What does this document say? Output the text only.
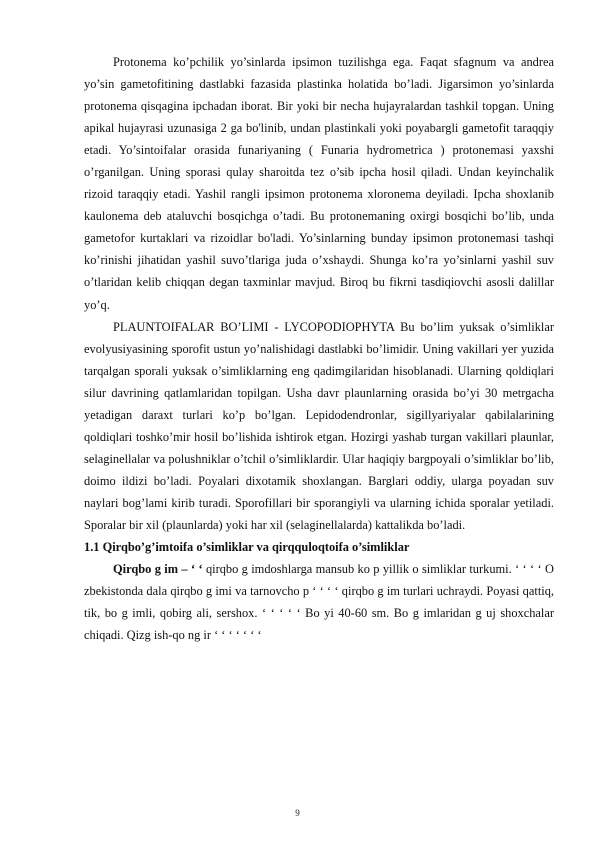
Protonema ko’pchilik yo’sinlarda ipsimon tuzilishga ega. Faqat sfagnum va andrea yo’sin gametofitining dastlabki fazasida plastinka holatida bo’ladi. Jigarsimon yo’sinlarda protonema qisqagina ipchadan iborat. Bir yoki bir necha hujayralardan tashkil topgan. Uning apikal hujayrasi uzunasiga 2 ga bo'linib, undan plastinkali yoki poyabargli gametofit taraqqiy etadi. Yo’sintoifalar orasida funariyaning ( Funaria hydrometrica ) protonemasi yaxshi o’rganilgan. Uning sporasi qulay sharoitda tez o’sib ipcha hosil qiladi. Undan keyinchalik rizoid taraqqiy etadi. Yashil rangli ipsimon protonema xloronema deyiladi. Ipcha shoxlanib kaulonema deb ataluvchi bosqichga o’tadi. Bu protonemaning oxirgi bosqichi bo’lib, unda gametofor kurtaklari va rizoidlar bo'ladi. Yo’sinlarning bunday ipsimon protonemasi tashqi ko’rinishi jihatidan yashil suvo’tlariga juda o’xshaydi. Shunga ko’ra yo’sinlarni yashil suv o’tlaridan kelib chiqqan degan taxminlar mavjud. Biroq bu fikrni tasdiqiovchi asosli dalillar yo’q.

PLAUNTOIFALAR BO’LIMI - LYCOPODIOPHYTA Bu bo’lim yuksak o’simliklar evolyusiyasining sporofit ustun yo’nalishidagi dastlabki bo’limidir. Uning vakillari yer yuzida tarqalgan sporali yuksak o’simliklarning eng qadimgilaridan hisoblanadi. Ularning qoldiqlari silur davrining qatlamlaridan topilgan. Usha davr plaunlarning orasida bo’yi 30 metrgacha yetadigan daraxt turlari ko’p bo’lgan. Lepidodendronlar, sigillyariyalar qabilalarining qoldiqlari toshko’mir hosil bo’lishida ishtirok etgan. Hozirgi yashab turgan vakillari plaunlar, selaginellalar va polushniklar o’tchil o’simliklardir. Ular haqiqiy bargpoyali o’simliklar bo’lib, doimo ildizi bo’ladi. Poyalari dixotamik shoxlangan. Barglari oddiy, ularga poyadan suv naylari bog’lami kirib turadi. Sporofillari bir sporangiyli va ularning ichida sporalar yetiladi. Sporalar bir xil (plaunlarda) yoki har xil (selaginellalarda) kattalikda bo’ladi.

1.1 Qirqbo’g’imtoifa o’simliklar va qirqquloqtoifa o’simliklar

Qirqbo g im ‒ ʻ ʻ qirqbo g imdoshlarga mansub ko p yillik o simliklar turkumi. ʻ ʻ ʻ ʻ O zbekistonda dala qirqbo g imi va tarnovcho p ʻ ʻ ʻ ʻ qirqbo g im turlari uchraydi. Poyasi qattiq, tik, bo g imli, qobirg ali, sershox. ʻ ʻ ʻ ʻ ʻ Bo yi 40-60 sm. Bo g imlaridan g uj shoxchalar chiqadi. Qizg ish-qo ng ir ʻ ʻ ʻ ʻ ʻ ʻ ʻ

9
